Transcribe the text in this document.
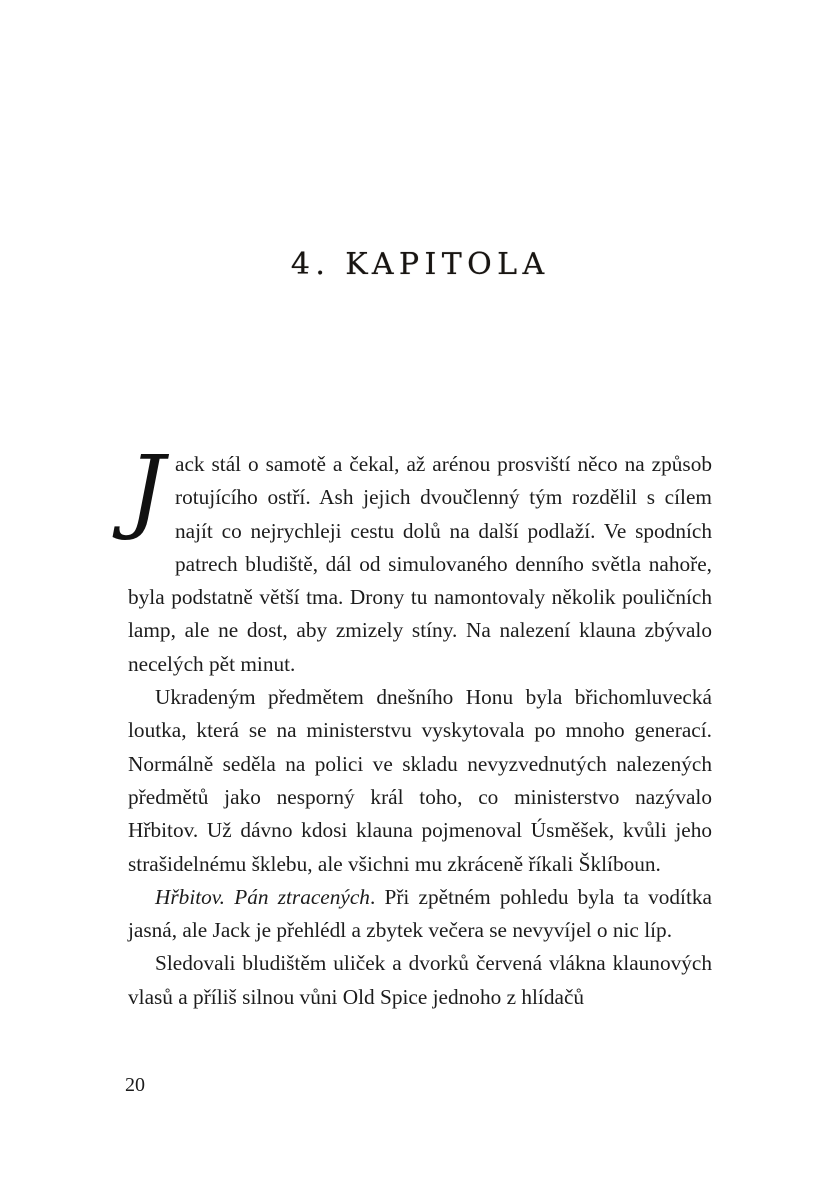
4. KAPITOLA

Jack stál o samotě a čekal, až arénou prosviští něco na způsob rotujícího ostří. Ash jejich dvoučlenný tým rozdělil s cílem najít co nejrychleji cestu dolů na další podlaží. Ve spodních patrech bludiště, dál od simulovaného denního světla nahoře, byla podstatně větší tma. Drony tu namontovaly několik pouličních lamp, ale ne dost, aby zmizely stíny. Na nalezení klauna zbývalo necelých pět minut.

Ukradeným předmětem dnešního Honu byla břichomluvecká loutka, která se na ministerstvu vyskytovala po mnoho generací. Normálně seděla na polici ve skladu nevyzvednutých nalezených předmětů jako nesporný král toho, co ministerstvo nazývalo Hřbitov. Už dávno kdosi klauna pojmenoval Úsměšek, kvůli jeho strašidelnému šklebu, ale všichni mu zkráceně říkali Šklíboun.

Hřbitov. Pán ztracených. Při zpětném pohledu byla ta vodítka jasná, ale Jack je přehlédl a zbytek večera se nevyvíjel o nic líp.

Sledovali bludištěm uliček a dvorků červená vlákna klaunových vlasů a příliš silnou vůni Old Spice jednoho z hlídačů

20
